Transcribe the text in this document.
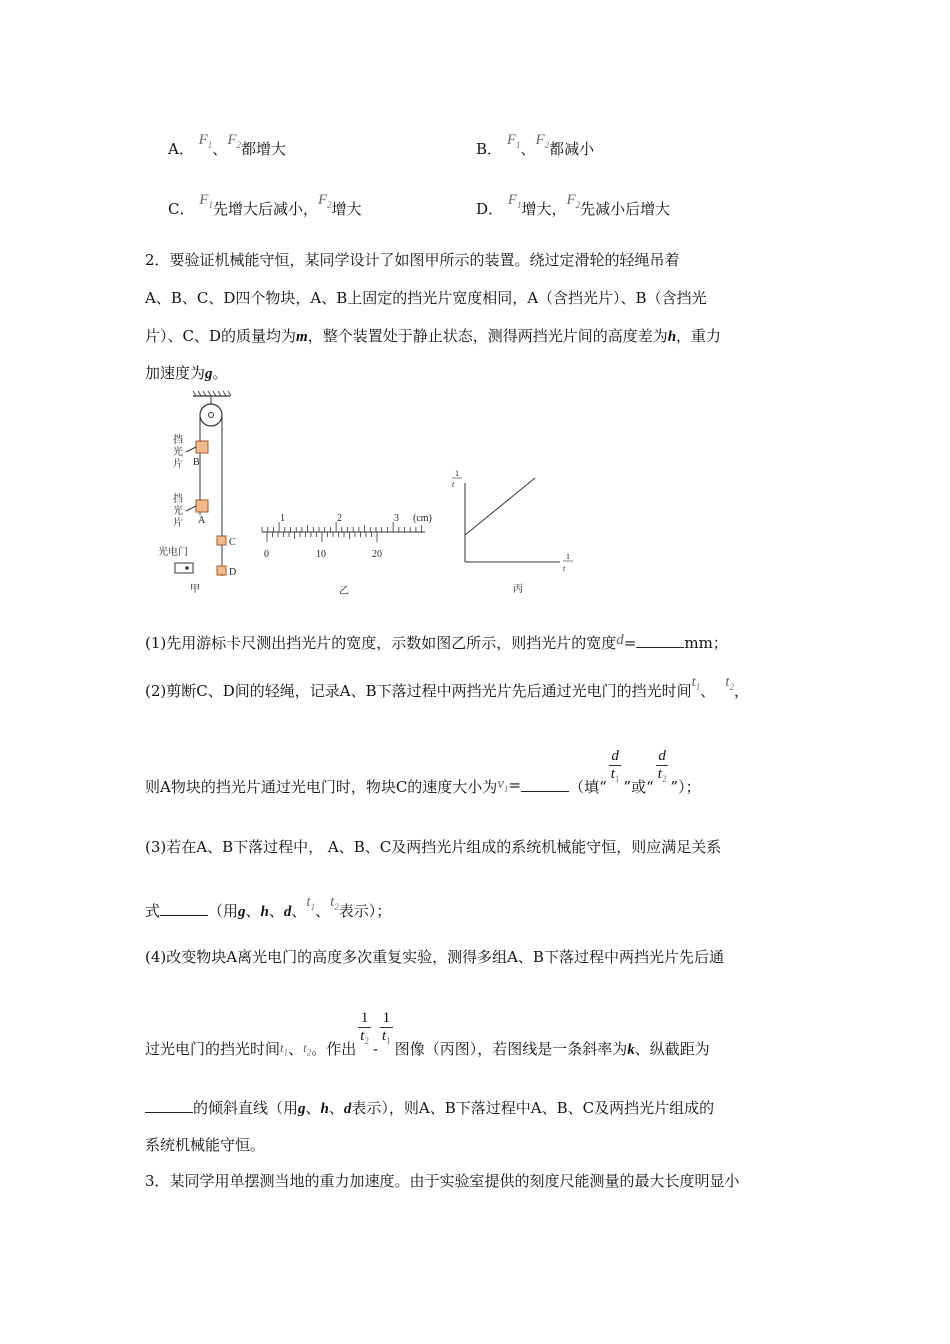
A． $F_1$、$F_2$都增大	B． $F_1$、$F_2$都减小
C． $F_1$先增大后减小，$F_2$增大	D． $F_1$增大，$F_2$先减小后增大
2．要验证机械能守恒，某同学设计了如图甲所示的装置。绕过定滑轮的轻绳吊着
A、B、C、D四个物块，A、B上固定的挡光片宽度相同，A（含挡光片）、B（含挡光
片）、C、D的质量均为m，整个装置处于静止状态，测得两挡光片间的高度差为h，重力
加速度为g。
挡
光
片 B
挡
光
片 A
C
D
光电门
甲
1	2	3 (cm)
0	10	20
乙
1
t
1
t
丙
(1)先用游标卡尺测出挡光片的宽度，示数如图乙所示，则挡光片的宽度d=	mm；
(2)剪断C、D间的轻绳，记录A、B下落过程中两挡光片先后通过光电门的挡光时间$t_1$、 $t_2$，
则A物块的挡光片通过光电门时，物块C的速度大小为$v_1=$	（填“
$\frac{d}{t_1}$
”或“
$\frac{d}{t_2}$
”）；
(3)若在A、B下落过程中， A、B、C及两挡光片组成的系统机械能守恒，则应满足关系
式	（用g、h、d、$t_1$、$t_2$表示）；
(4)改变物块A离光电门的高度多次重复实验，测得多组A、B下落过程中两挡光片先后通
过光电门的挡光时间$t_1$、$t_2$。作出
$\frac{1}{t_2}$
-
$\frac{1}{t_1}$
图像（丙图），若图线是一条斜率为k、纵截距为
的倾斜直线（用g、h、d表示），则A、B下落过程中A、B、C及两挡光片组成的
系统机械能守恒。
3．某同学用单摆测当地的重力加速度。由于实验室提供的刻度尺能测量的最大长度明显小
